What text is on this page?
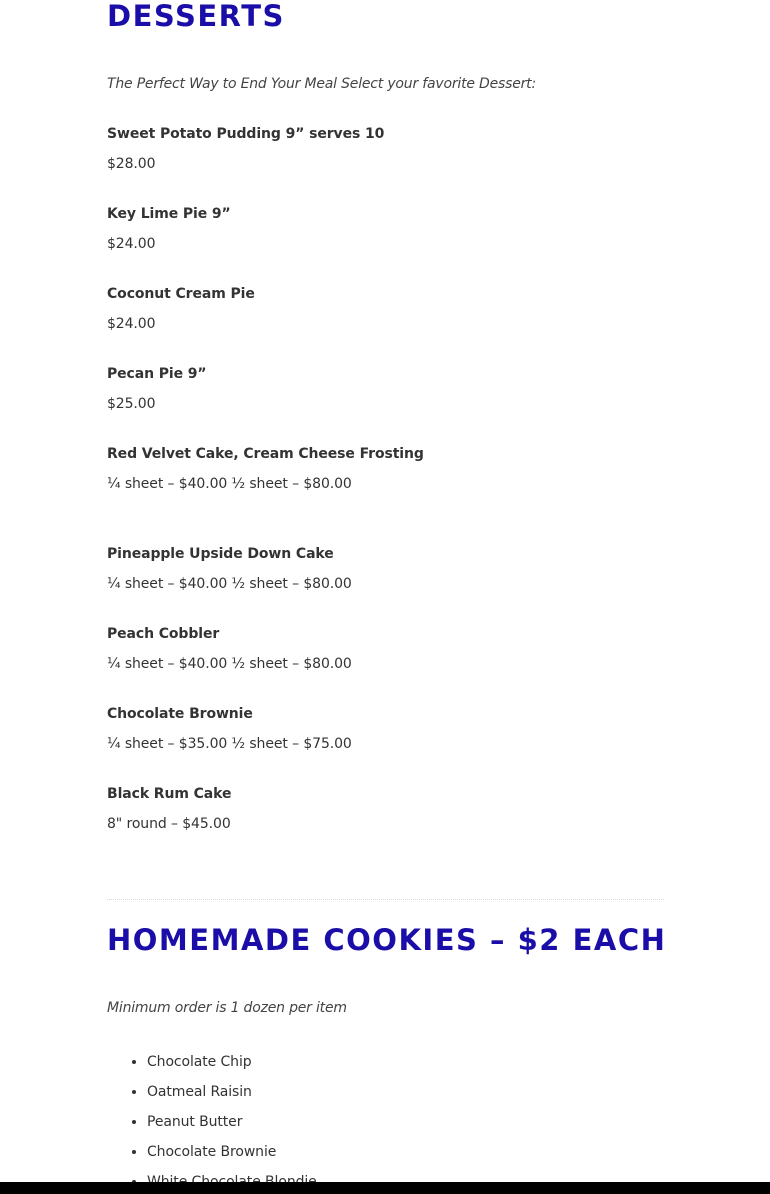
DESSERTS
The Perfect Way to End Your Meal Select your favorite Dessert:
Sweet Potato Pudding 9” serves 10
$28.00
Key Lime Pie 9”
$24.00
Coconut Cream Pie
$24.00
Pecan Pie 9”
$25.00
Red Velvet Cake, Cream Cheese Frosting
¼ sheet – $40.00 ½ sheet – $80.00
Pineapple Upside Down Cake
¼ sheet – $40.00 ½ sheet – $80.00
Peach Cobbler
¼ sheet – $40.00 ½ sheet – $80.00
Chocolate Brownie
¼ sheet – $35.00 ½ sheet – $75.00
Black Rum Cake
8" round – $45.00
HOMEMADE COOKIES – $2 EACH
Minimum order is 1 dozen per item
• Chocolate Chip
• Oatmeal Raisin
• Peanut Butter
• Chocolate Brownie
•
